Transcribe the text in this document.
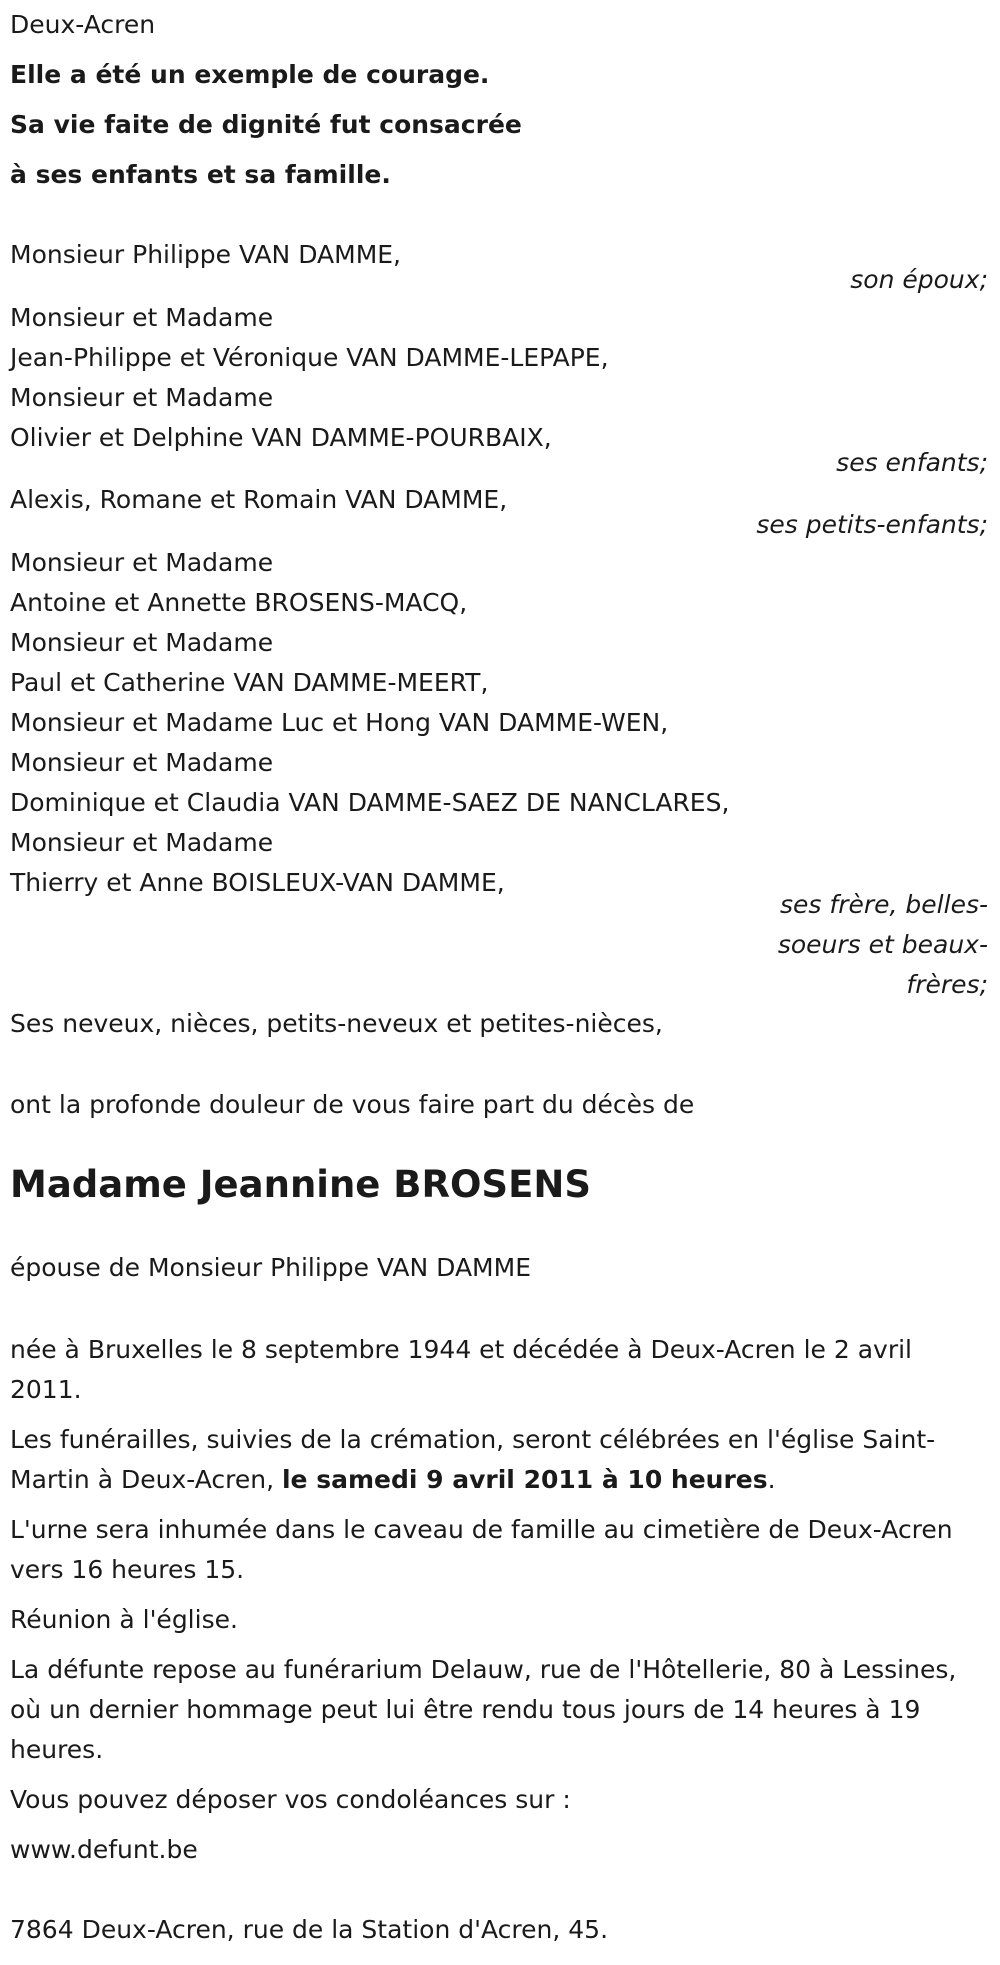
Deux-Acren
Elle a été un exemple de courage.
Sa vie faite de dignité fut consacrée
à ses enfants et sa famille.
Monsieur Philippe VAN DAMME,
son époux;
Monsieur et Madame
Jean-Philippe et Véronique VAN DAMME-LEPAPE,
Monsieur et Madame
Olivier et Delphine VAN DAMME-POURBAIX,
ses enfants;
Alexis, Romane et Romain VAN DAMME,
ses petits-enfants;
Monsieur et Madame
Antoine et Annette BROSENS-MACQ,
Monsieur et Madame
Paul et Catherine VAN DAMME-MEERT,
Monsieur et Madame Luc et Hong VAN DAMME-WEN,
Monsieur et Madame
Dominique et Claudia VAN DAMME-SAEZ DE NANCLARES,
Monsieur et Madame
Thierry et Anne BOISLEUX-VAN DAMME,
ses frère, belles-
soeurs et beaux-
frères;
Ses neveux, nièces, petits-neveux et petites-nièces,
ont la profonde douleur de vous faire part du décès de
Madame Jeannine BROSENS
épouse de Monsieur Philippe VAN DAMME
née à Bruxelles le 8 septembre 1944 et décédée à Deux-Acren le 2 avril 2011.
Les funérailles, suivies de la crémation, seront célébrées en l'église Saint-Martin à Deux-Acren, le samedi 9 avril 2011 à 10 heures.
L'urne sera inhumée dans le caveau de famille au cimetière de Deux-Acren vers 16 heures 15.
Réunion à l'église.
La défunte repose au funérarium Delauw, rue de l'Hôtellerie, 80 à Lessines, où un dernier hommage peut lui être rendu tous jours de 14 heures à 19 heures.
Vous pouvez déposer vos condoléances sur :
www.defunt.be
7864 Deux-Acren, rue de la Station d'Acren, 45.
